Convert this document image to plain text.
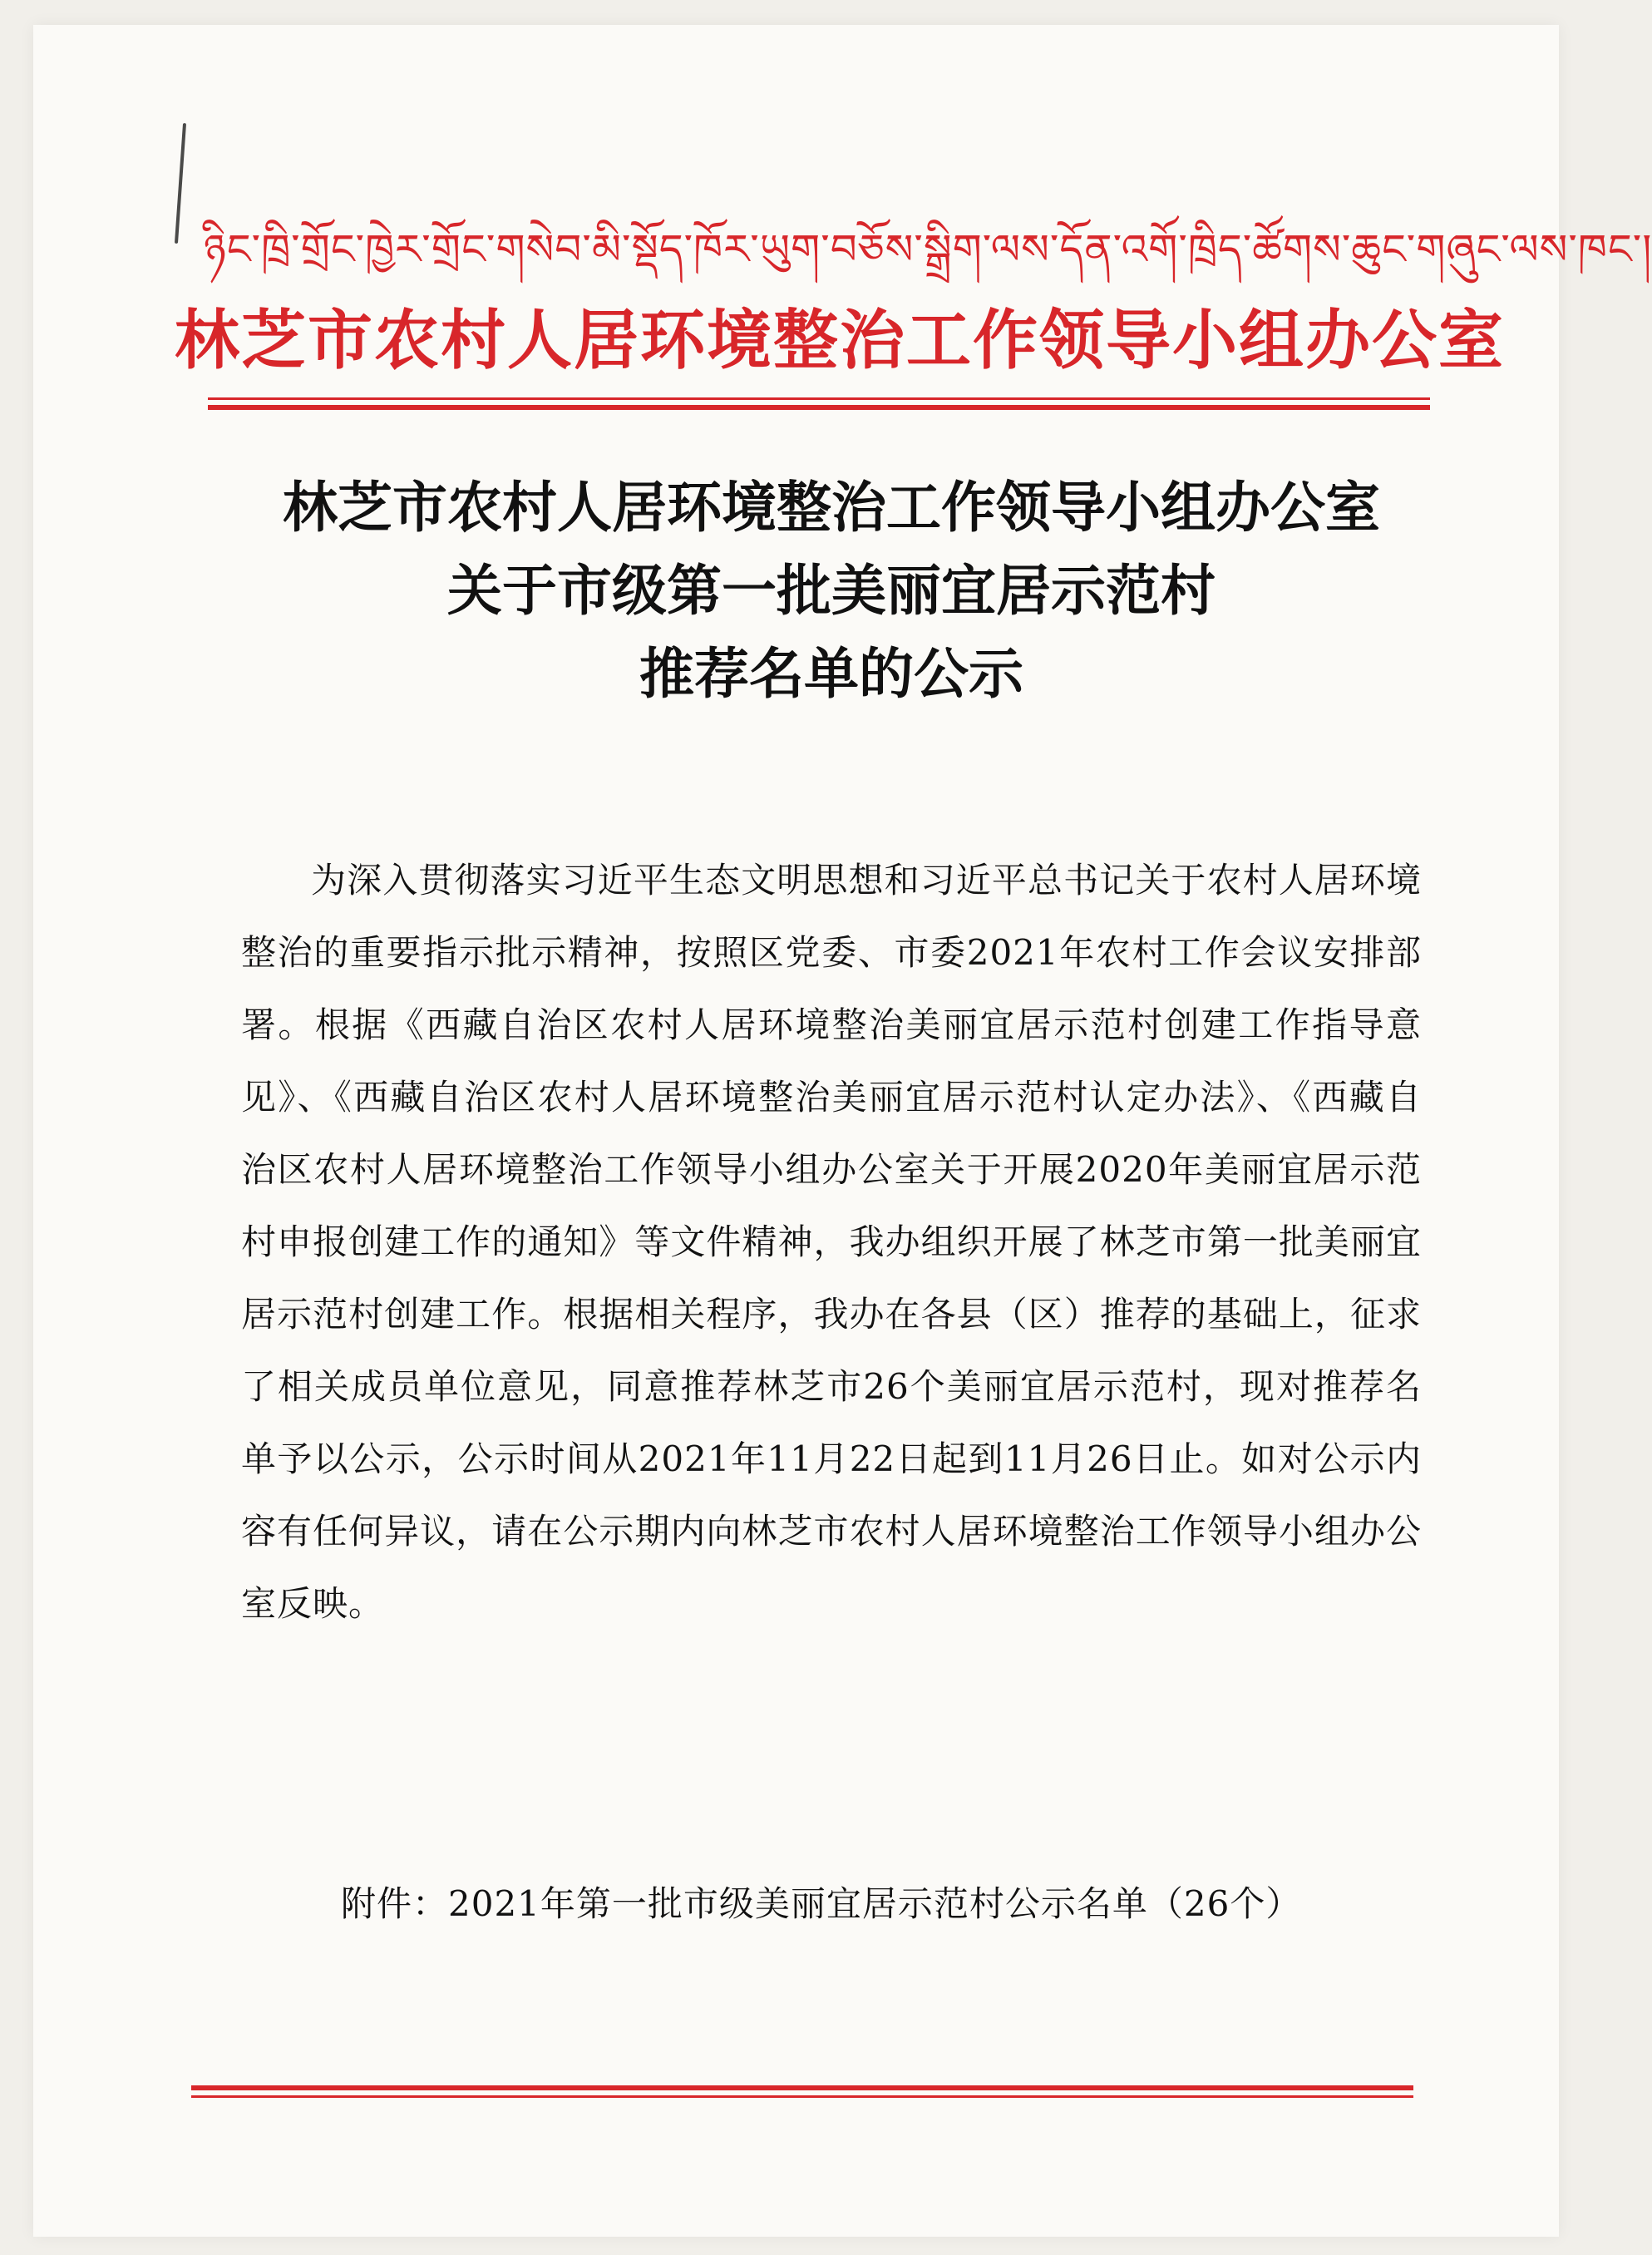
ཉིང་ཁྲི་གྲོང་ཁྱེར་གྲོང་གསེབ་མི་སྡོད་ཁོར་ཡུག་བཅོས་སྒྲིག་ལས་དོན་འགོ་ཁྲིད་ཚོགས་ཆུང་གཞུང་ལས་ཁང་།
林芝市农村人居环境整治工作领导小组办公室
林芝市农村人居环境整治工作领导小组办公室
关于市级第一批美丽宜居示范村
推荐名单的公示
为深入贯彻落实习近平生态文明思想和习近平总书记关于农村人居环境整治的重要指示批示精神，按照区党委、市委2021年农村工作会议安排部署。根据《西藏自治区农村人居环境整治美丽宜居示范村创建工作指导意见》、《西藏自治区农村人居环境整治美丽宜居示范村认定办法》、《西藏自治区农村人居环境整治工作领导小组办公室关于开展2020年美丽宜居示范村申报创建工作的通知》等文件精神，我办组织开展了林芝市第一批美丽宜居示范村创建工作。根据相关程序，我办在各县（区）推荐的基础上，征求了相关成员单位意见，同意推荐林芝市26个美丽宜居示范村，现对推荐名单予以公示，公示时间从2021年11月22日起到11月26日止。如对公示内容有任何异议，请在公示期内向林芝市农村人居环境整治工作领导小组办公室反映。
附件：2021年第一批市级美丽宜居示范村公示名单（26个）
